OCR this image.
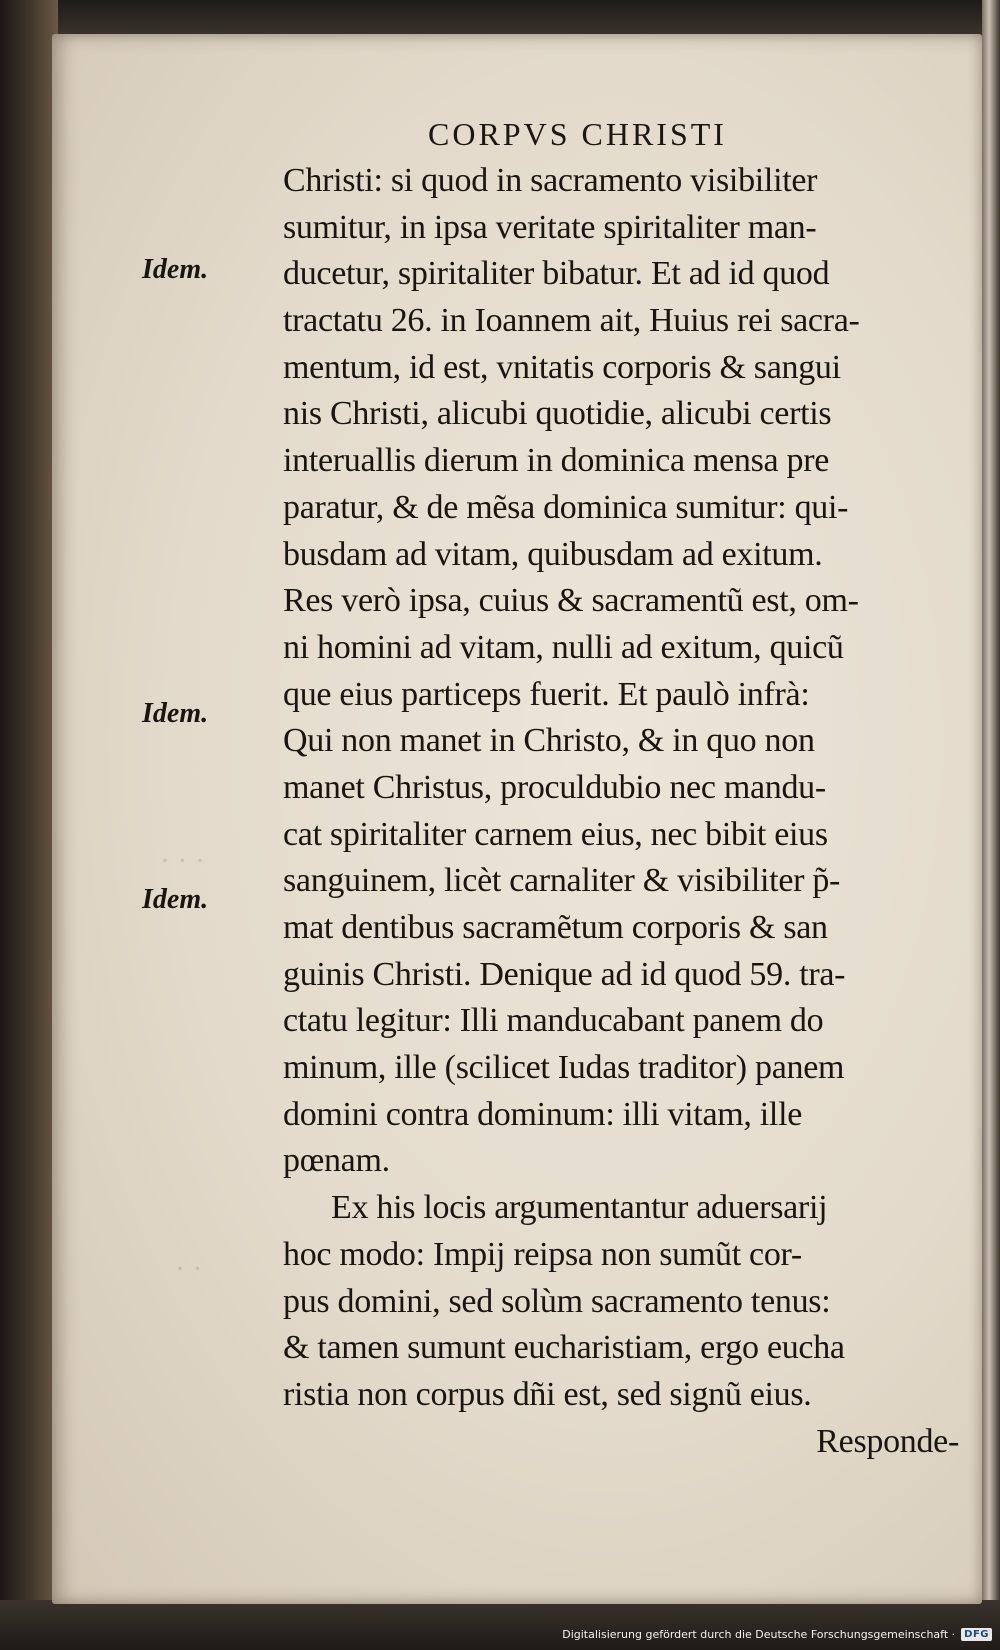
· · ·
· ·
CORPVS CHRISTI
Idem.
Idem.
Idem.
Christi: si quod in sacramento visibiliter
sumitur, in ipsa veritate spiritaliter man-
ducetur, spiritaliter bibatur. Et ad id quod
tractatu 26. in Ioannem ait, Huius rei sacra-
mentum, id est, vnitatis corporis & sangui
nis Christi, alicubi quotidie, alicubi certis
interuallis dierum in dominica mensa pre
paratur, & de mẽsa dominica sumitur: qui-
busdam ad vitam, quibusdam ad exitum.
Res verò ipsa, cuius & sacramentũ est, om-
ni homini ad vitam, nulli ad exitum, quicũ
que eius particeps fuerit. Et paulò infrà:
Qui non manet in Christo, & in quo non
manet Christus, proculdubio nec mandu-
cat spiritaliter carnem eius, nec bibit eius
sanguinem, licèt carnaliter & visibiliter p̃-
mat dentibus sacramẽtum corporis & san
guinis Christi. Denique ad id quod 59. tra-
ctatu legitur: Illi manducabant panem do
minum, ille (scilicet Iudas traditor) panem
domini contra dominum: illi vitam, ille
pœnam.
Ex his locis argumentantur aduersarij
hoc modo: Impij reipsa non sumũt cor-
pus domini, sed solùm sacramento tenus:
& tamen sumunt eucharistiam, ergo eucha
ristia non corpus dñi est, sed signũ eius.
Responde-
Digitalisierung gefördert durch die Deutsche Forschungsgemeinschaft · DFG
